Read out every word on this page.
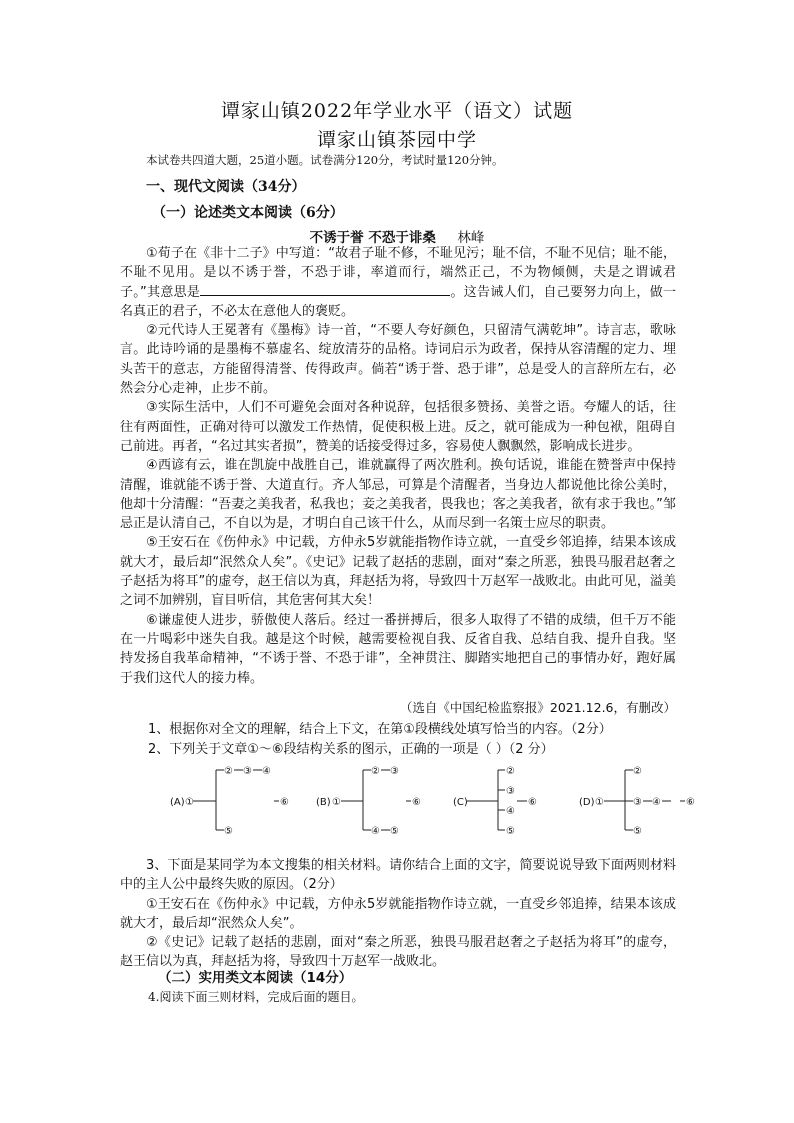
谭家山镇2022年学业水平（语文）试题
谭家山镇茶园中学
本试卷共四道大题，25道小题。试卷满分120分，考试时量120分钟。
一、现代文阅读（34分）
（一）论述类文本阅读（6分）
不诱于誉 不恐于诽桑 林峰

①荀子在《非十二子》中写道：“故君子耻不修，不耻见污；耻不信，不耻不见信；耻不能，不耻不见用。是以不诱于誉，不恐于诽，率道而行，端然正己，不为物倾侧，夫是之谓诚君子。”其意思是	。这告诫人们，自己要努力向上，做一名真正的君子，不必太在意他人的褒贬。

②元代诗人王冕著有《墨梅》诗一首，“不要人夸好颜色，只留清气满乾坤”。诗言志，歌咏言。此诗吟诵的是墨梅不慕虚名、绽放清芬的品格。诗词启示为政者，保持从容清醒的定力、埋头苦干的意志，方能留得清誉、传得政声。倘若“诱于誉、恐于诽”，总是受人的言辞所左右，必然会分心走神，止步不前。

③实际生活中，人们不可避免会面对各种说辞，包括很多赞扬、美誉之语。夸耀人的话，往往有两面性，正确对待可以激发工作热情，促使积极上进。反之，就可能成为一种包袱，阻碍自己前进。再者，“名过其实者损”，赞美的话接受得过多，容易使人飘飘然，影响成长进步。

④西谚有云，谁在凯旋中战胜自己，谁就赢得了两次胜利。换句话说，谁能在赞誉声中保持清醒，谁就能不诱于誉、大道直行。齐人邹忌，可算是个清醒者，当身边人都说他比徐公美时，他却十分清醒：“吾妻之美我者，私我也；妾之美我者，畏我也；客之美我者，欲有求于我也。”邹忌正是认清自己，不自以为是，才明白自己该干什么，从而尽到一名策士应尽的职责。

⑤王安石在《伤仲永》中记载，方仲永5岁就能指物作诗立就，一直受乡邻追捧，结果本该成就大才，最后却“泯然众人矣”。《史记》记载了赵括的悲剧，面对“秦之所恶，独畏马服君赵奢之子赵括为将耳”的虚夸，赵王信以为真，拜赵括为将，导致四十万赵军一战败北。由此可见，溢美之词不加辨别，盲目听信，其危害何其大矣！

⑥谦虚使人进步，骄傲使人落后。经过一番拼搏后，很多人取得了不错的成绩，但千万不能在一片喝彩中迷失自我。越是这个时候，越需要检视自我、反省自我、总结自我、提升自我。坚持发扬自我革命精神，“不诱于誉、不恐于诽”，全神贯注、脚踏实地把自己的事情办好，跑好属于我们这代人的接力棒。

（选自《中国纪检监察报》2021.12.6，有删改）
1、根据你对全文的理解，结合上下文，在第①段横线处填写恰当的内容。（2分）
2、下列关于文章①～⑥段结构关系的图示，正确的一项是（ ）（2 分）
(A) ①
② ③ ④
⑤
⑥	(B) ①
② ③
④ ⑤
⑥	(C)
②
③
④
⑤
⑥	(D) ①
②
③
⑤
④	⑥

3、下面是某同学为本文搜集的相关材料。请你结合上面的文字，简要说说导致下面两则材料中的主人公中最终失败的原因。（2分）

①王安石在《伤仲永》中记载，方仲永5岁就能指物作诗立就，一直受乡邻追捧，结果本该成就大才，最后却“泯然众人矣”。

②《史记》记载了赵括的悲剧，面对“秦之所恶，独畏马服君赵奢之子赵括为将耳”的虚夸，赵王信以为真，拜赵括为将，导致四十万赵军一战败北。

（二）实用类文本阅读（14分）
4.阅读下面三则材料，完成后面的题目。
